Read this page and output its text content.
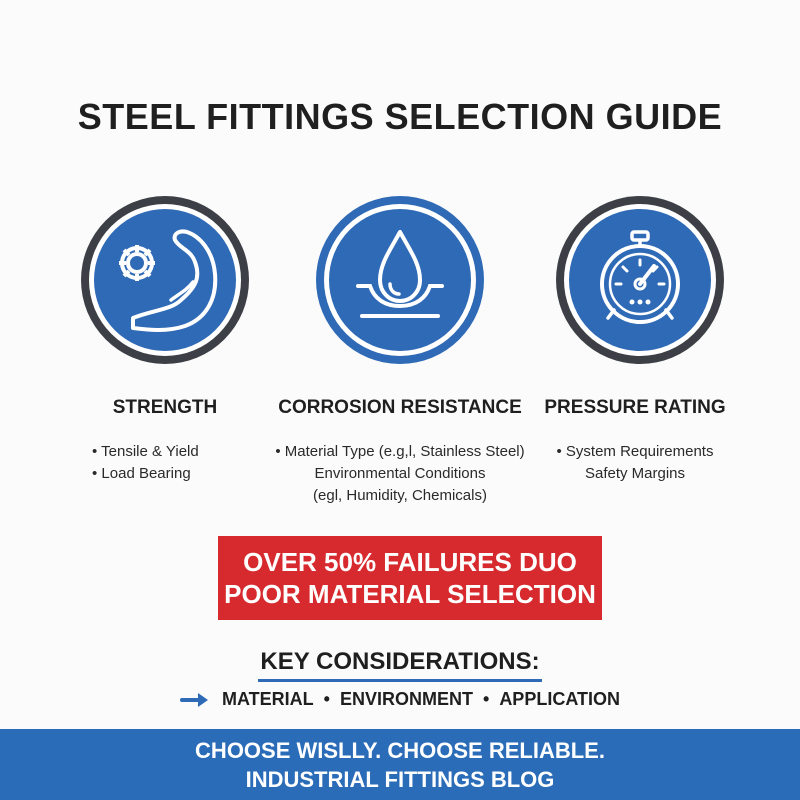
STEEL FITTINGS SELECTION GUIDE
STRENGTH
• Tensile & Yield
• Load Bearing
CORROSION RESISTANCE
• Material Type (e.g,l, Stainless Steel)
Environmental Conditions
(egl, Humidity, Chemicals)
PRESSURE RATING
• System Requirements
Safety Margins
OVER 50% FAILURES DUO
POOR MATERIAL SELECTION
KEY CONSIDERATIONS:
MATERIAL • ENVIRONMENT • APPLICATION
CHOOSE WISLLY. CHOOSE RELIABLE.
INDUSTRIAL FITTINGS BLOG
